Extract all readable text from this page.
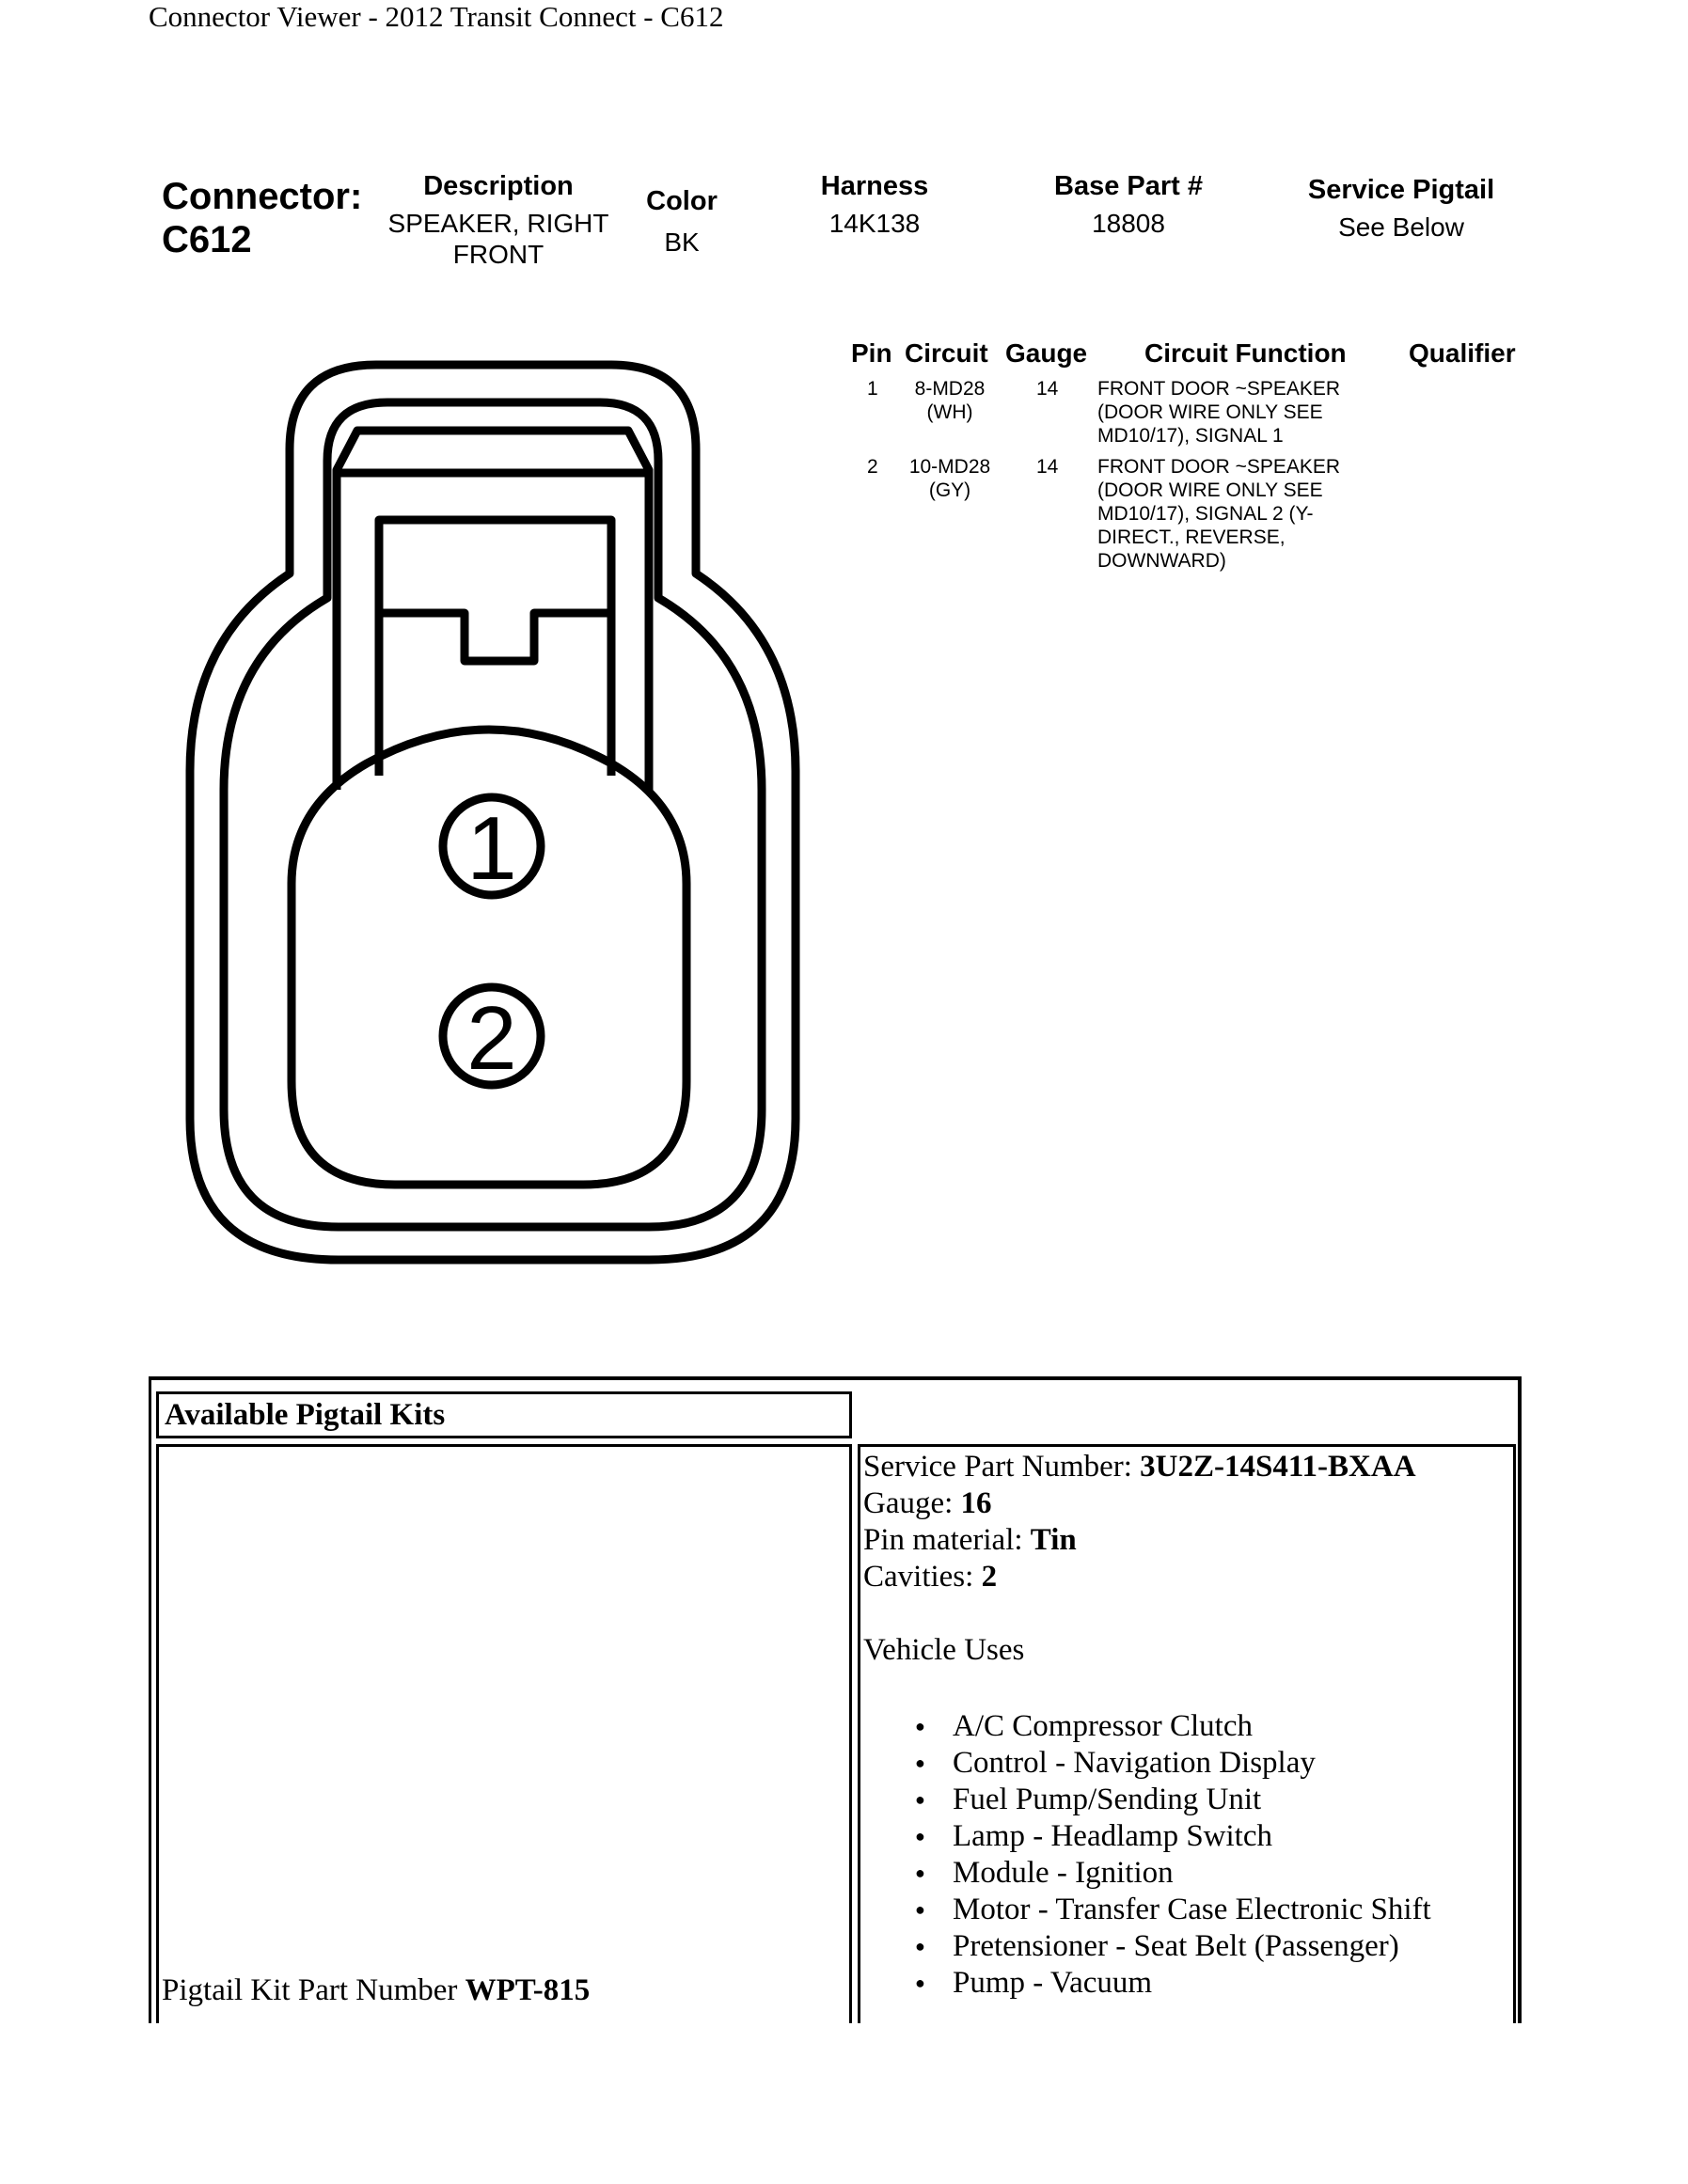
Connector Viewer - 2012 Transit Connect - C612
Connector:
C612
Description
SPEAKER, RIGHT
FRONT
Color
BK
Harness
14K138
Base Part #
18808
Service Pigtail
See Below
Pin Circuit Gauge Circuit Function Qualifier
1	8-MD28
(WH)
14 FRONT DOOR ~SPEAKER
(DOOR WIRE ONLY SEE
MD10/17), SIGNAL 1
2	10-MD28
(GY)
14 FRONT DOOR ~SPEAKER
(DOOR WIRE ONLY SEE
MD10/17), SIGNAL 2 (Y-
DIRECT., REVERSE,
DOWNWARD)
1
2
Available Pigtail Kits
Pigtail Kit Part Number WPT-815
Service Part Number: 3U2Z-14S411-BXAA
Gauge: 16
Pin material: Tin
Cavities: 2
Vehicle Uses
● A/C Compressor Clutch
● Control - Navigation Display
● Fuel Pump/Sending Unit
● Lamp - Headlamp Switch
● Module - Ignition
● Motor - Transfer Case Electronic Shift
● Pretensioner - Seat Belt (Passenger)
● Pump - Vacuum
